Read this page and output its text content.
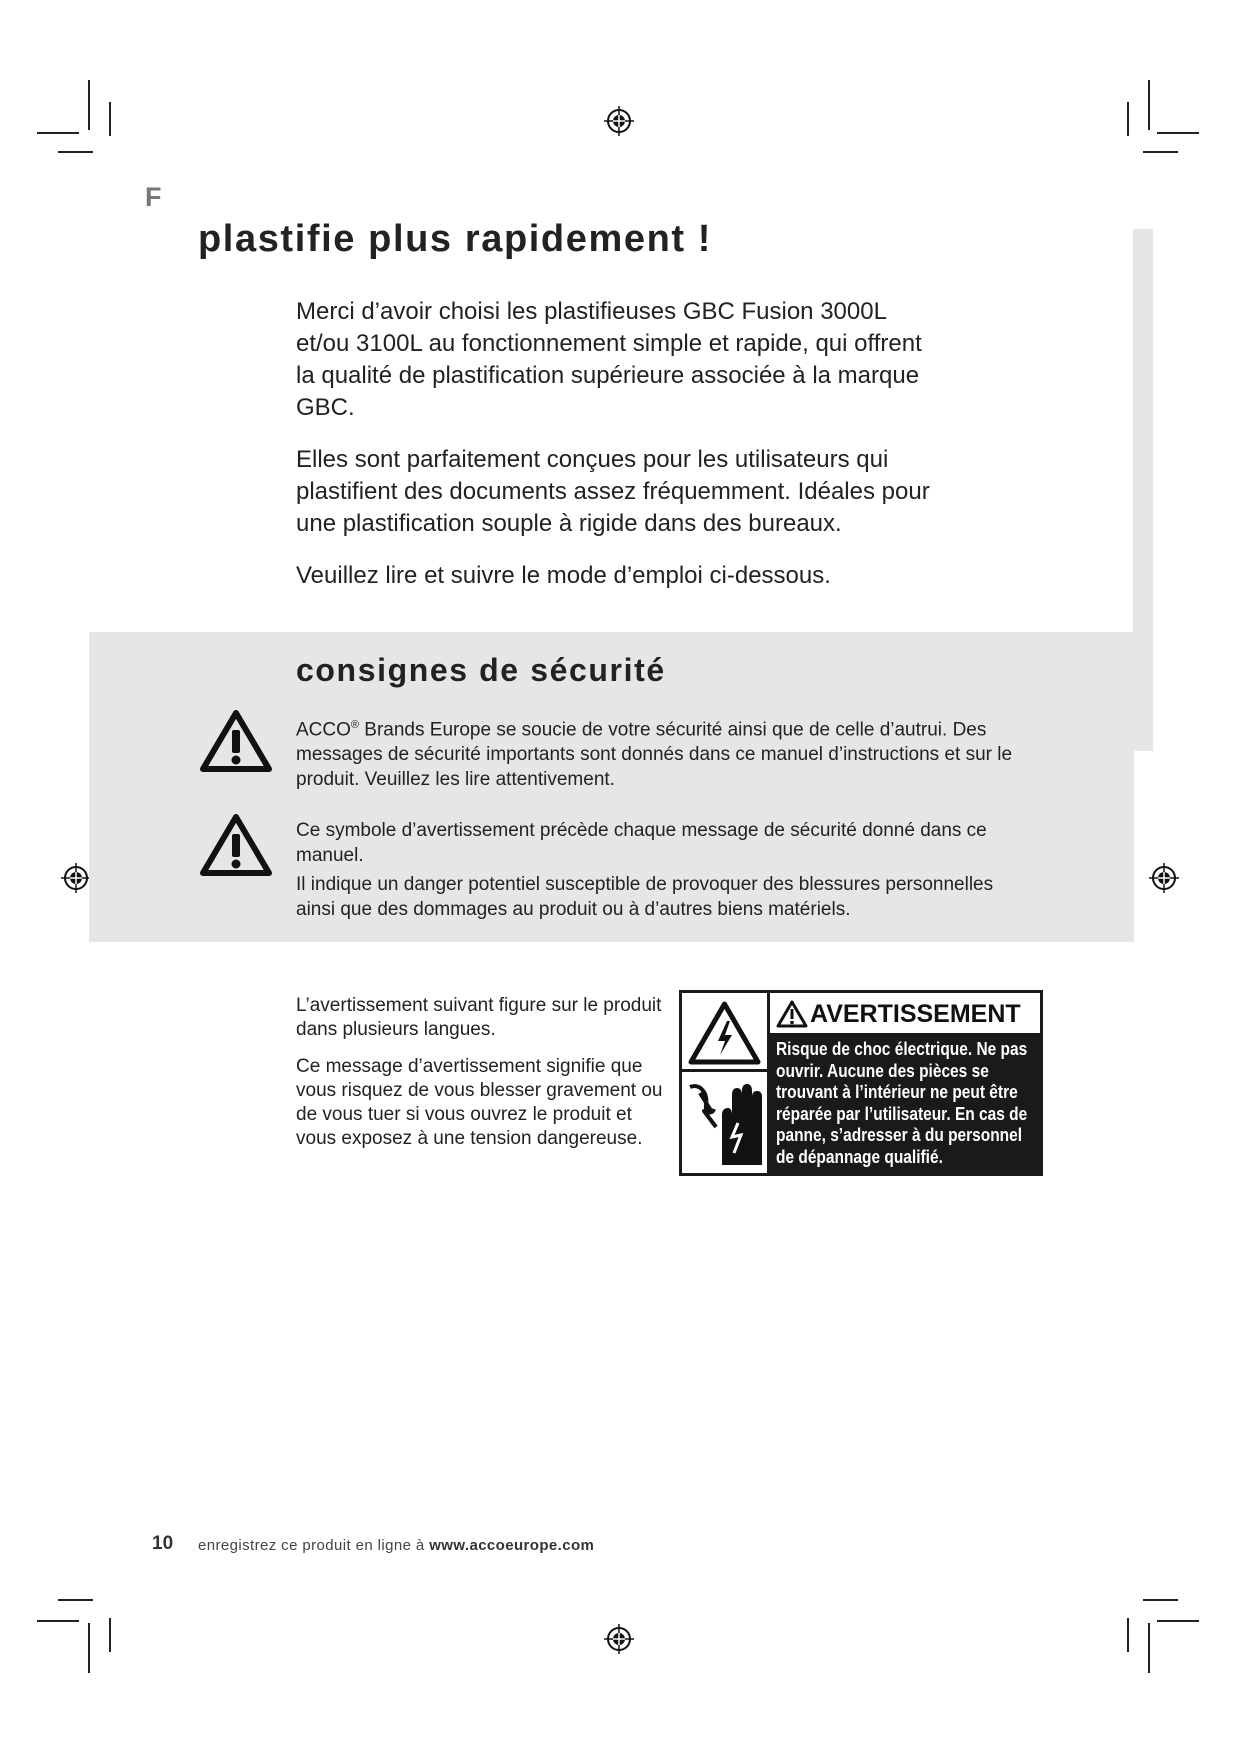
F
plastifie plus rapidement !

Merci d’avoir choisi les plastifieuses GBC Fusion 3000L et/ou 3100L au fonctionnement simple et rapide, qui offrent la qualité de plastification supérieure associée à la marque GBC.

Elles sont parfaitement conçues pour les utilisateurs qui plastifient des documents assez fréquemment. Idéales pour une plastification souple à rigide dans des bureaux.

Veuillez lire et suivre le mode d’emploi ci-dessous.

consignes de sécurité
ACCO® Brands Europe se soucie de votre sécurité ainsi que de celle d’autrui. Des messages de sécurité importants sont donnés dans ce manuel d’instructions et sur le produit. Veuillez les lire attentivement.
Ce symbole d’avertissement précède chaque message de sécurité donné dans ce manuel.
Il indique un danger potentiel susceptible de provoquer des blessures personnelles ainsi que des dommages au produit ou à d’autres biens matériels.

L’avertissement suivant figure sur le produit dans plusieurs langues.

Ce message d’avertissement signifie que vous risquez de vous blesser gravement ou de vous tuer si vous ouvrez le produit et vous exposez à une tension dangereuse.

AVERTISSEMENT
Risque de choc électrique. Ne pas ouvrir. Aucune des pièces se trouvant à l’intérieur ne peut être réparée par l’utilisateur. En cas de panne, s’adresser à du personnel de dépannage qualifié.
10 enregistrez ce produit en ligne à www.accoeurope.com
